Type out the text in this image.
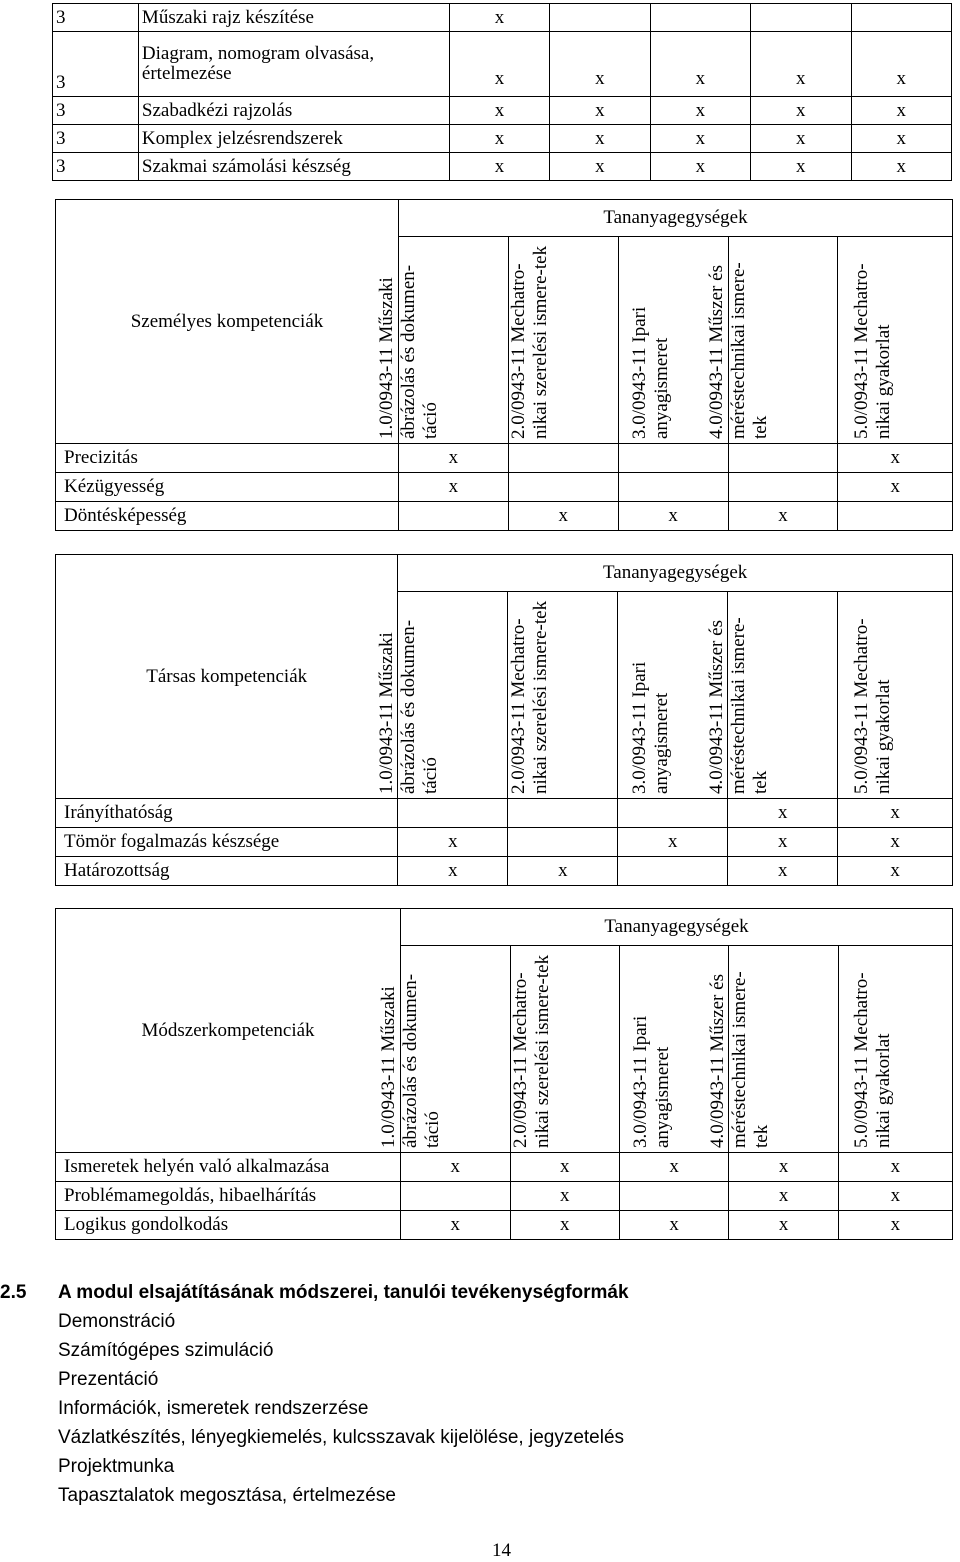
3	Műszaki rajz készítése	x				
3	Diagram, nomogram olvasása, értelmezése	x	x	x	x	x
3	Szabadkézi rajzolás	x	x	x	x	x
3	Komplex jelzésrendszerek	x	x	x	x	x
3	Szakmai számolási készség	x	x	x	x	x
Személyes kompetenciák	Tananyagegységek				

	1.0/0943-11 Műszaki ábrázolás és dokumen-táció	2.0/0943-11 Mechatro-nikai szerelési ismere-tek	3.0/0943-11 Ipari anyagismeret	4.0/0943-11 Műszer és méréstechnikai ismere-tek	5.0/0943-11 Mechatro-nikai gyakorlat

Precizitás	x				x
Kézügyesség	x				x
Döntésképesség		x	x	x	
Társas kompetenciák	Tananyagegységek				

	1.0/0943-11 Műszaki ábrázolás és dokumen-táció	2.0/0943-11 Mechatro-nikai szerelési ismere-tek	3.0/0943-11 Ipari anyagismeret	4.0/0943-11 Műszer és méréstechnikai ismere-tek	5.0/0943-11 Mechatro-nikai gyakorlat

Irányíthatóság				x	x
Tömör fogalmazás készsége	x		x	x	x
Határozottság	x	x		x	x
Módszerkompetenciák	Tananyagegységek				

	1.0/0943-11 Műszaki ábrázolás és dokumen-táció	2.0/0943-11 Mechatro-nikai szerelési ismere-tek	3.0/0943-11 Ipari anyagismeret	4.0/0943-11 Műszer és méréstechnikai ismere-tek	5.0/0943-11 Mechatro-nikai gyakorlat

Ismeretek helyén való alkalmazása	x	x	x	x	x
Problémamegoldás, hibaelhárítás		x		x	x
Logikus gondolkodás	x	x	x	x	x
2.5 A modul elsajátításának módszerei, tanulói tevékenységformák
Demonstráció
Számítógépes szimuláció
Prezentáció
Információk, ismeretek rendszerzése
Vázlatkészítés, lényegkiemelés, kulcsszavak kijelölése, jegyzetelés
Projektmunka
Tapasztalatok megosztása, értelmezése
14
